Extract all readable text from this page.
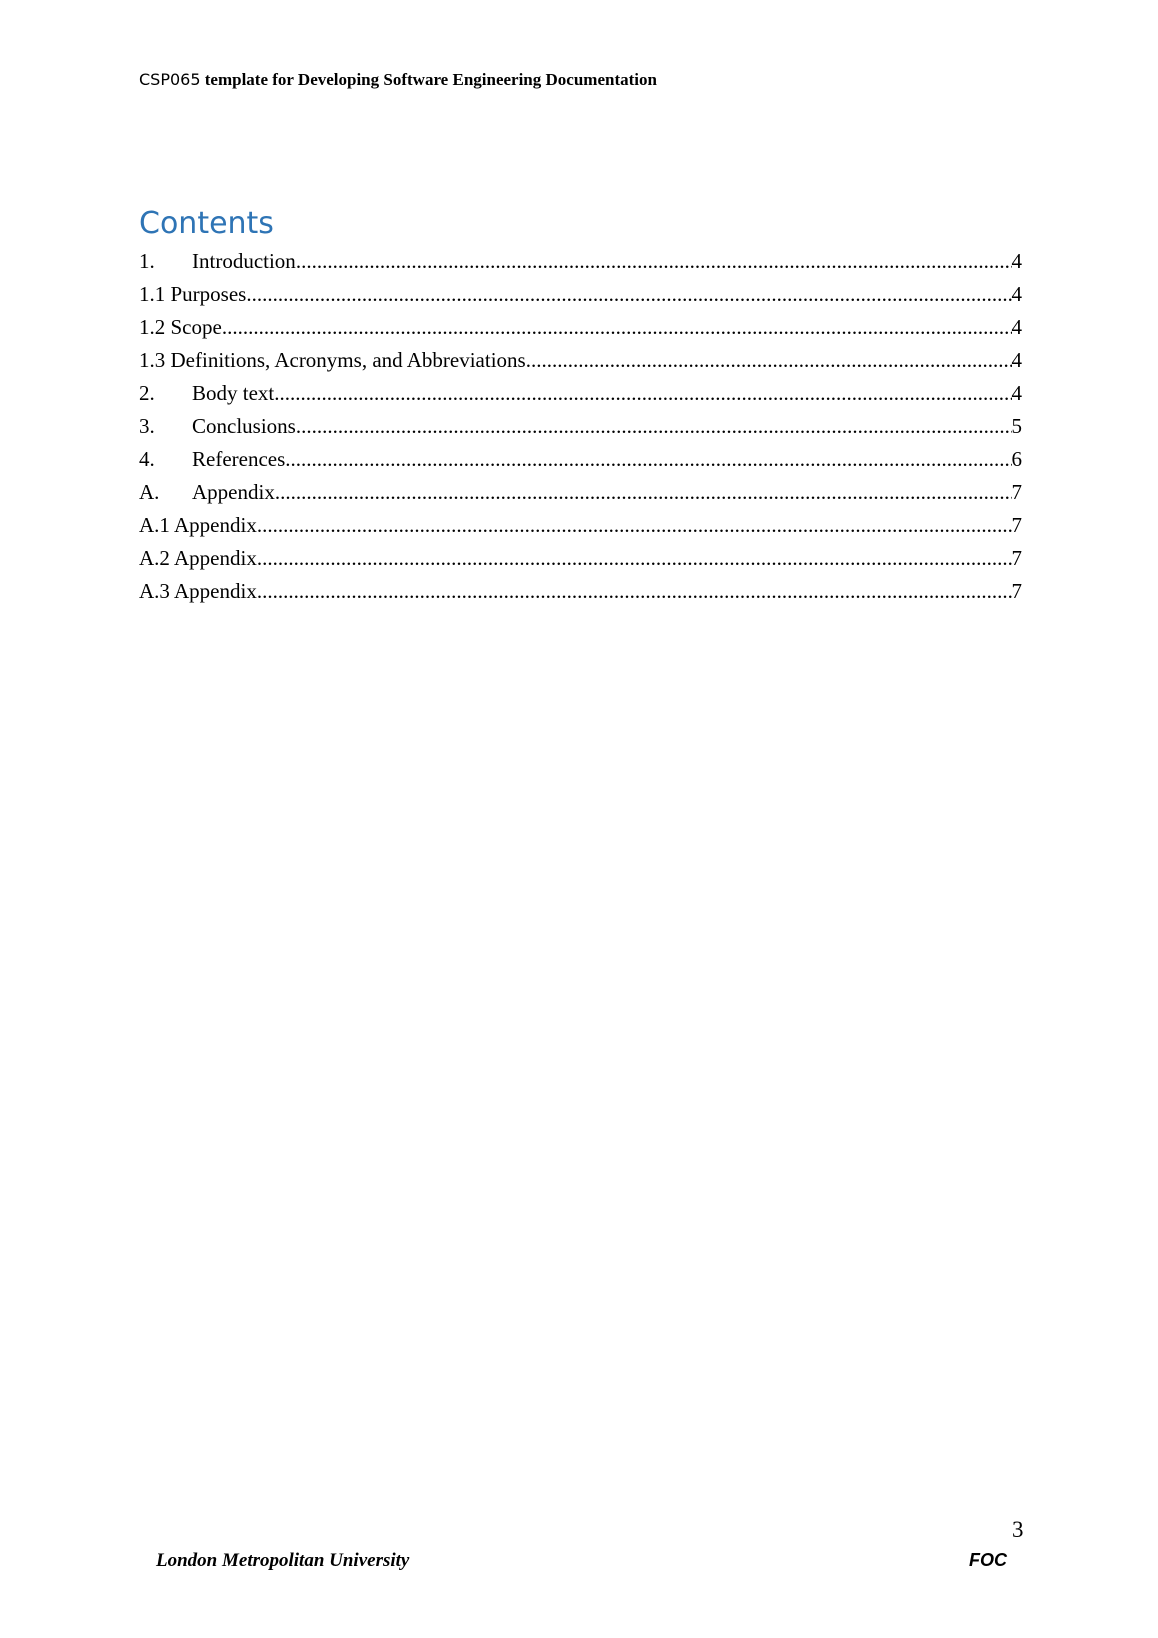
CSP065 template for Developing Software Engineering Documentation
Contents
1.	Introduction .....	4
1.1 Purposes .....	4
1.2 Scope .....	4
1.3 Definitions, Acronyms, and Abbreviations .....	4
2.	Body text .....	4
3.	Conclusions .....	5
4.	References .....	6
A.	Appendix .....	7
A.1 Appendix .....	7
A.2 Appendix .....	7
A.3 Appendix .....	7
3
London Metropolitan University	FOC
